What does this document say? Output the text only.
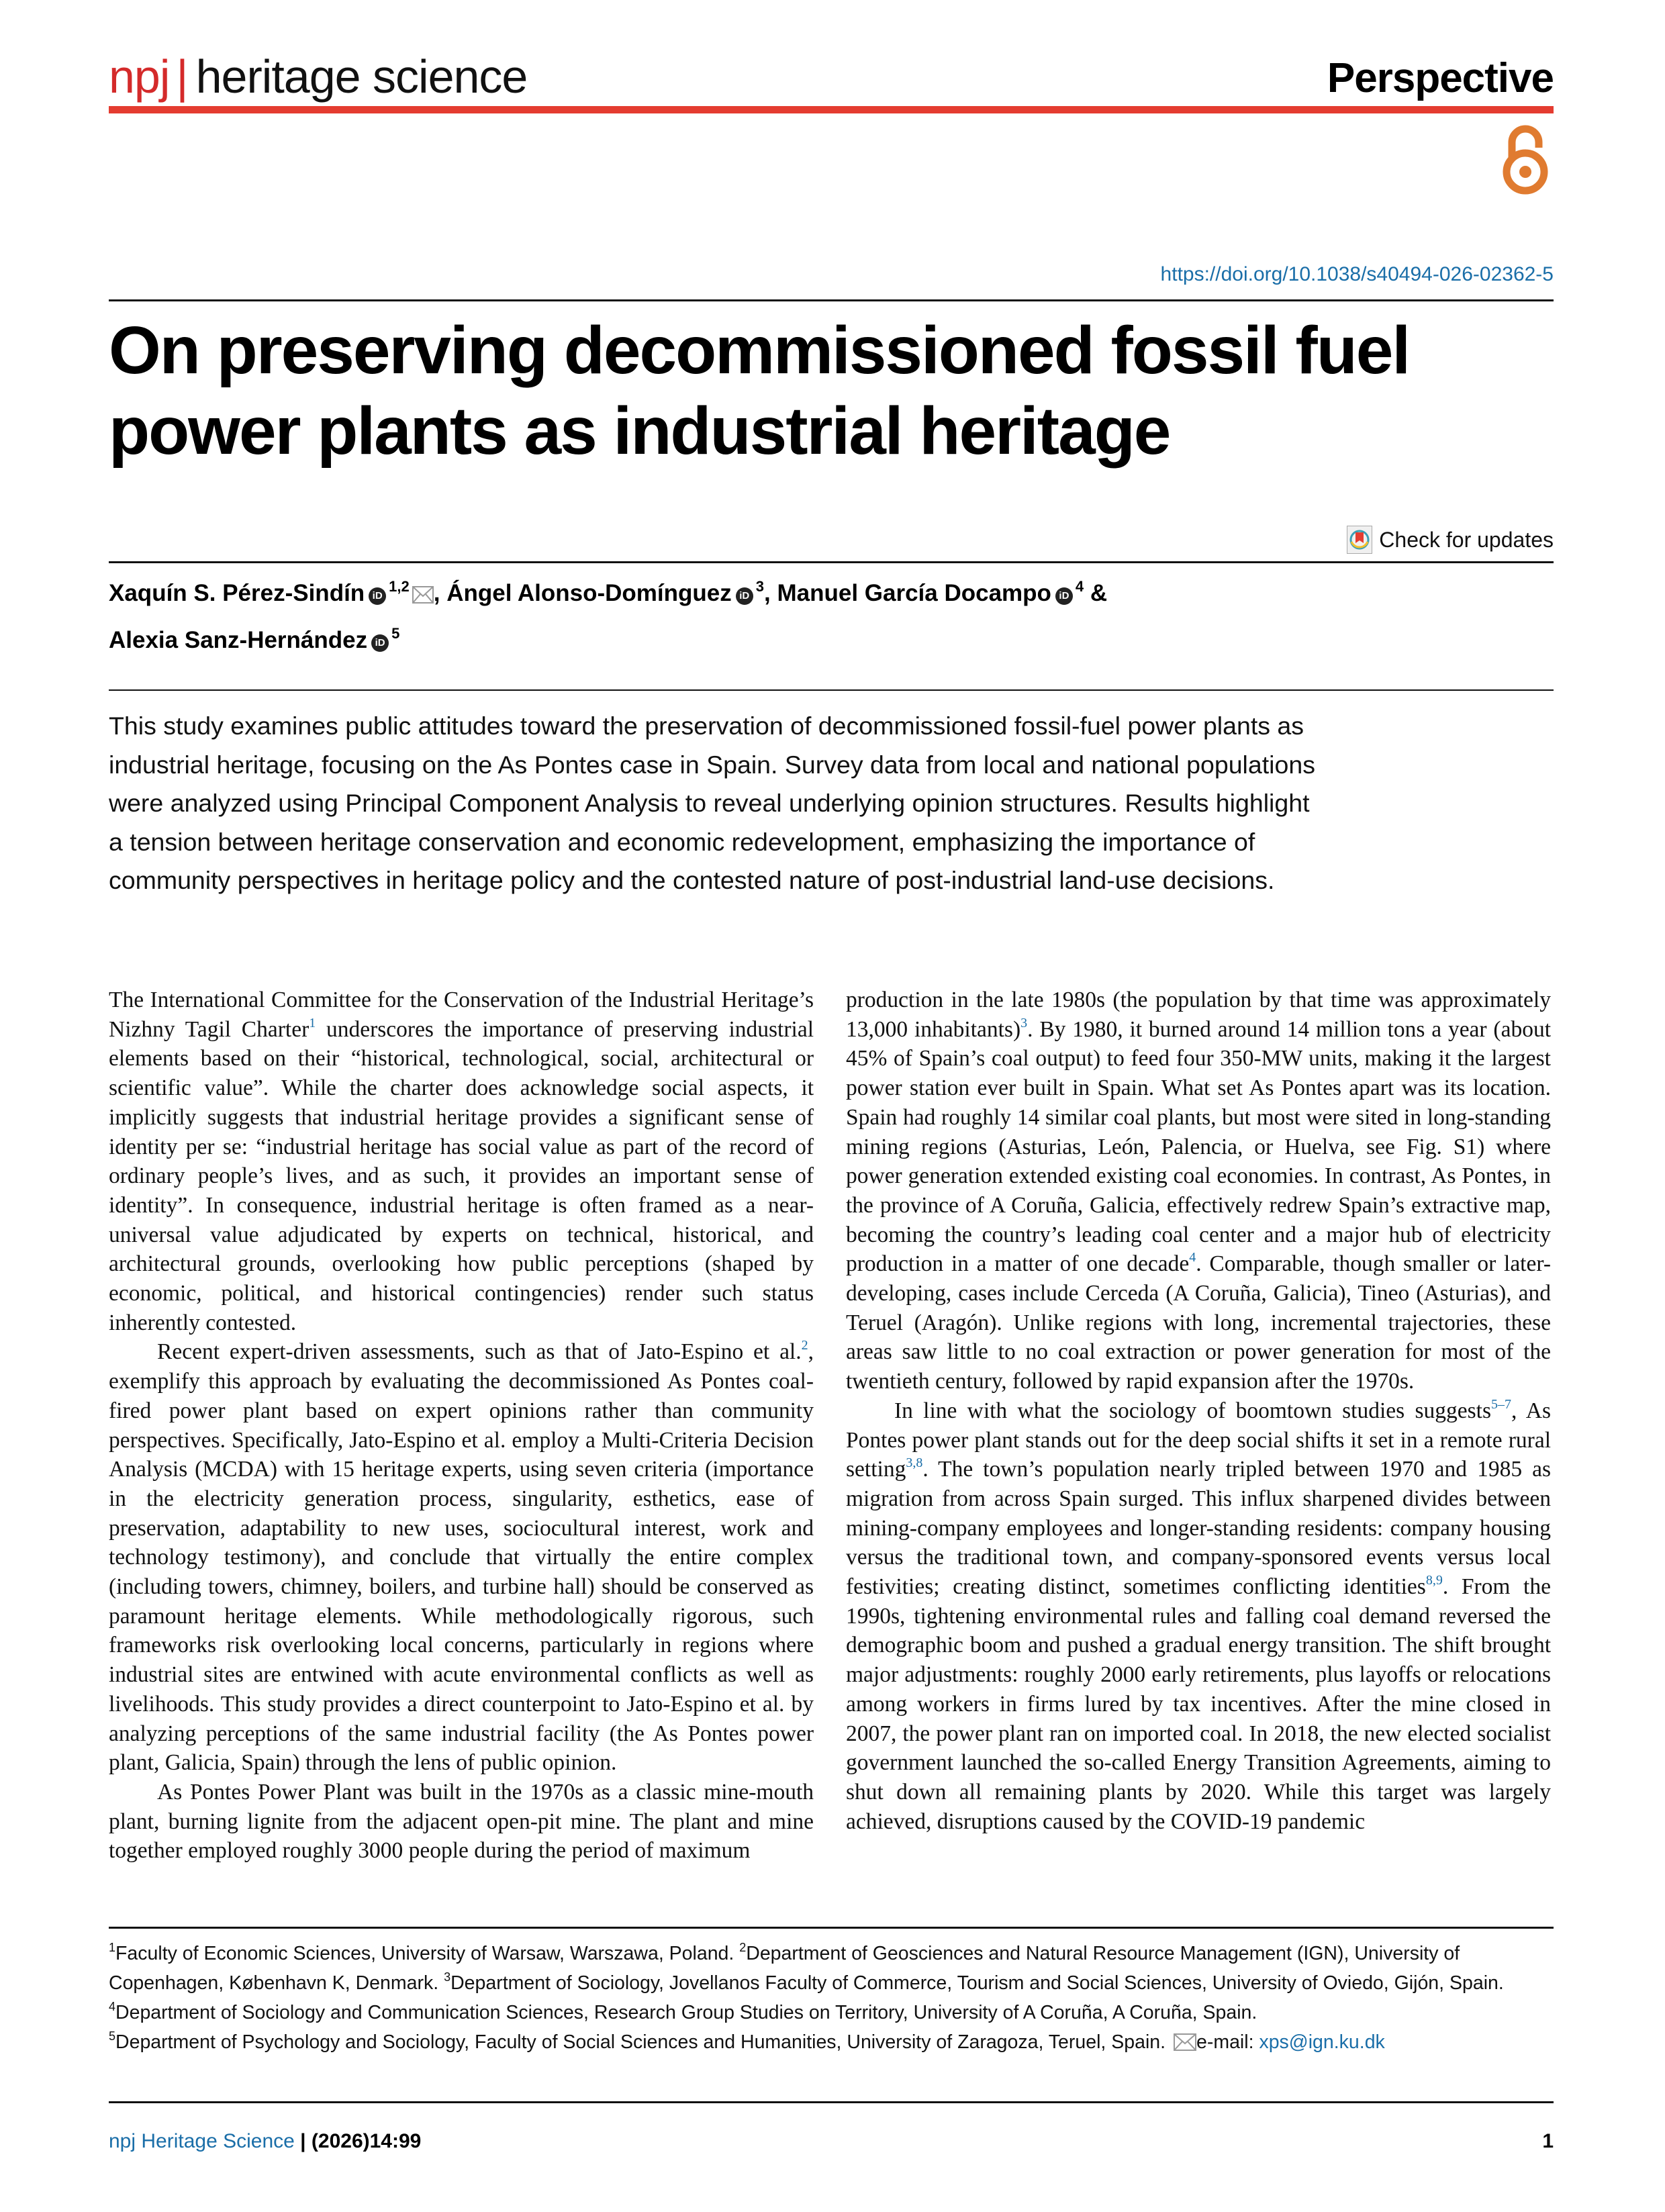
npj | heritage science	Perspective
https://doi.org/10.1038/s40494-026-02362-5
On preserving decommissioned fossil fuel power plants as industrial heritage
Check for updates
Xaquín S. Pérez-Sindín iD$^{1,2}$ , Ángel Alonso-Domínguez iD$^3$, Manuel García Docampo iD$^4$ &
Alexia Sanz-Hernández iD$^5$

This study examines public attitudes toward the preservation of decommissioned fossil-fuel power plants as industrial heritage, focusing on the As Pontes case in Spain. Survey data from local and national populations were analyzed using Principal Component Analysis to reveal underlying opinion structures. Results highlight a tension between heritage conservation and economic redevelopment, emphasizing the importance of community perspectives in heritage policy and the contested nature of post-industrial land-use decisions.

The International Committee for the Conservation of the Industrial Heritage’s Nizhny Tagil Charter$^1$ underscores the importance of preserving industrial elements based on their “historical, technological, social, architectural or scientific value”. While the charter does acknowledge social aspects, it implicitly suggests that industrial heritage provides a significant sense of identity per se: “industrial heritage has social value as part of the record of ordinary people’s lives, and as such, it provides an important sense of identity”. In consequence, industrial heritage is often framed as a near-universal value adjudicated by experts on technical, historical, and architectural grounds, overlooking how public perceptions (shaped by economic, political, and historical contingencies) render such status inherently contested.

Recent expert-driven assessments, such as that of Jato-Espino et al.$^2$, exemplify this approach by evaluating the decommissioned As Pontes coal-fired power plant based on expert opinions rather than community perspectives. Specifically, Jato-Espino et al. employ a Multi-Criteria Decision Analysis (MCDA) with 15 heritage experts, using seven criteria (importance in the electricity generation process, singularity, esthetics, ease of preservation, adaptability to new uses, sociocultural interest, work and technology testimony), and conclude that virtually the entire complex (including towers, chimney, boilers, and turbine hall) should be conserved as paramount heritage elements. While methodologically rigorous, such frameworks risk overlooking local concerns, particularly in regions where industrial sites are entwined with acute environmental conflicts as well as livelihoods. This study provides a direct counterpoint to Jato-Espino et al. by analyzing perceptions of the same industrial facility (the As Pontes power plant, Galicia, Spain) through the lens of public opinion.

As Pontes Power Plant was built in the 1970s as a classic mine-mouth plant, burning lignite from the adjacent open-pit mine. The plant and mine together employed roughly 3000 people during the period of maximum

production in the late 1980s (the population by that time was approximately 13,000 inhabitants)$^3$. By 1980, it burned around 14 million tons a year (about 45% of Spain’s coal output) to feed four 350-MW units, making it the largest power station ever built in Spain. What set As Pontes apart was its location. Spain had roughly 14 similar coal plants, but most were sited in long-standing mining regions (Asturias, León, Palencia, or Huelva, see Fig. S1) where power generation extended existing coal economies. In contrast, As Pontes, in the province of A Coruña, Galicia, effectively redrew Spain’s extractive map, becoming the country’s leading coal center and a major hub of electricity production in a matter of one decade$^4$. Comparable, though smaller or later-developing, cases include Cerceda (A Coruña, Galicia), Tineo (Asturias), and Teruel (Aragón). Unlike regions with long, incremental trajectories, these areas saw little to no coal extraction or power generation for most of the twentieth century, followed by rapid expansion after the 1970s.

In line with what the sociology of boomtown studies suggests$^{5-7}$, As Pontes power plant stands out for the deep social shifts it set in a remote rural setting$^{3,8}$. The town’s population nearly tripled between 1970 and 1985 as migration from across Spain surged. This influx sharpened divides between mining-company employees and longer-standing residents: company housing versus the traditional town, and company-sponsored events versus local festivities; creating distinct, sometimes conflicting identities$^{8,9}$. From the 1990s, tightening environmental rules and falling coal demand reversed the demographic boom and pushed a gradual energy transition. The shift brought major adjustments: roughly 2000 early retirements, plus layoffs or relocations among workers in firms lured by tax incentives. After the mine closed in 2007, the power plant ran on imported coal. In 2018, the new elected socialist government launched the so-called Energy Transition Agreements, aiming to shut down all remaining plants by 2020. While this target was largely achieved, disruptions caused by the COVID-19 pandemic

$^1$Faculty of Economic Sciences, University of Warsaw, Warszawa, Poland. $^2$Department of Geosciences and Natural Resource Management (IGN), University of Copenhagen, København K, Denmark. $^3$Department of Sociology, Jovellanos Faculty of Commerce, Tourism and Social Sciences, University of Oviedo, Gijón, Spain. $^4$Department of Sociology and Communication Sciences, Research Group Studies on Territory, University of A Coruña, A Coruña, Spain.
$^5$Department of Psychology and Sociology, Faculty of Social Sciences and Humanities, University of Zaragoza, Teruel, Spain. e-mail: xps@ign.ku.dk
npj Heritage Science | (2026)14:99	1
